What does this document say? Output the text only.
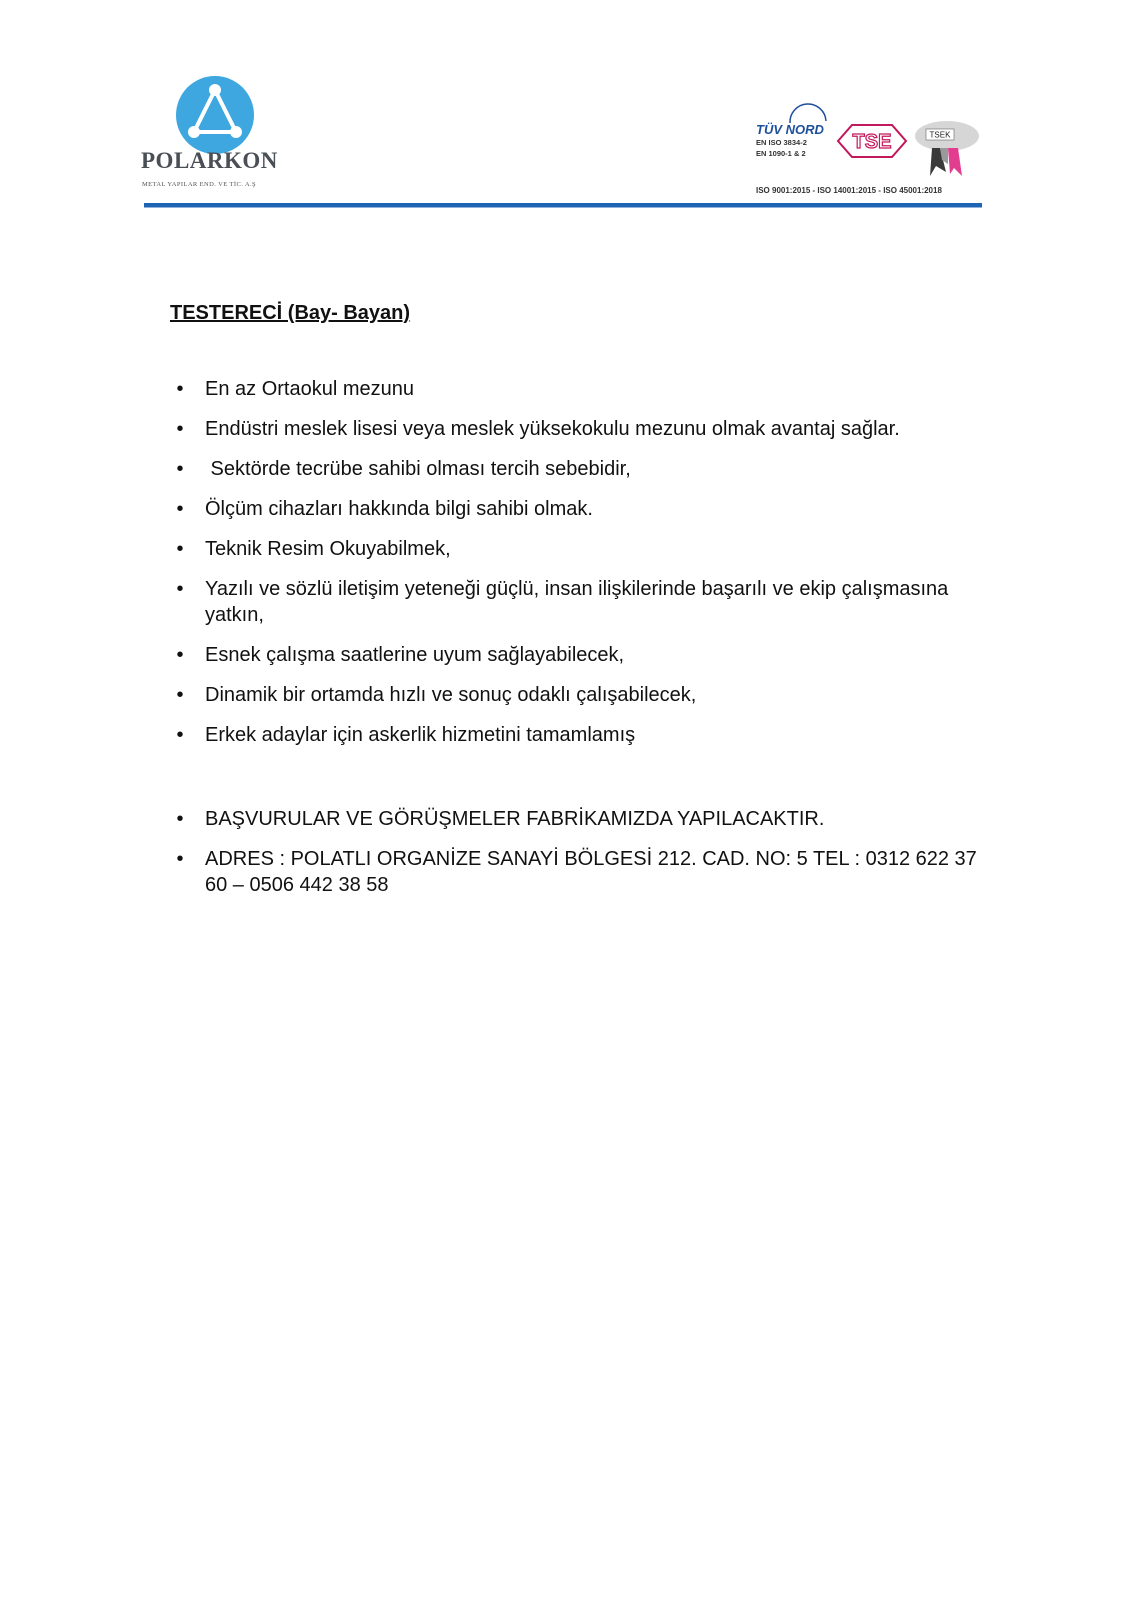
POLARKON
METAL YAPILAR END. VE TİC. A.Ş
TÜV NORD
EN ISO 3834-2
EN 1090-1 & 2
TSE	TSEK
ISO 9001:2015 - ISO 14001:2015 - ISO 45001:2018
TESTERECİ (Bay- Bayan)
• En az Ortaokul mezunu
• Endüstri meslek lisesi veya meslek yüksekokulu mezunu olmak avantaj sağlar.
• Sektörde tecrübe sahibi olması tercih sebebidir,
• Ölçüm cihazları hakkında bilgi sahibi olmak.
• Teknik Resim Okuyabilmek,
• Yazılı ve sözlü iletişim yeteneği güçlü, insan ilişkilerinde başarılı ve ekip çalışmasına yatkın,
• Esnek çalışma saatlerine uyum sağlayabilecek,
• Dinamik bir ortamda hızlı ve sonuç odaklı çalışabilecek,
• Erkek adaylar için askerlik hizmetini tamamlamış
• BAŞVURULAR VE GÖRÜŞMELER FABRİKAMIZDA YAPILACAKTIR.
• ADRES : POLATLI ORGANİZE SANAYİ BÖLGESİ 212. CAD. NO: 5 TEL : 0312 622 37 60 – 0506 442 38 58
